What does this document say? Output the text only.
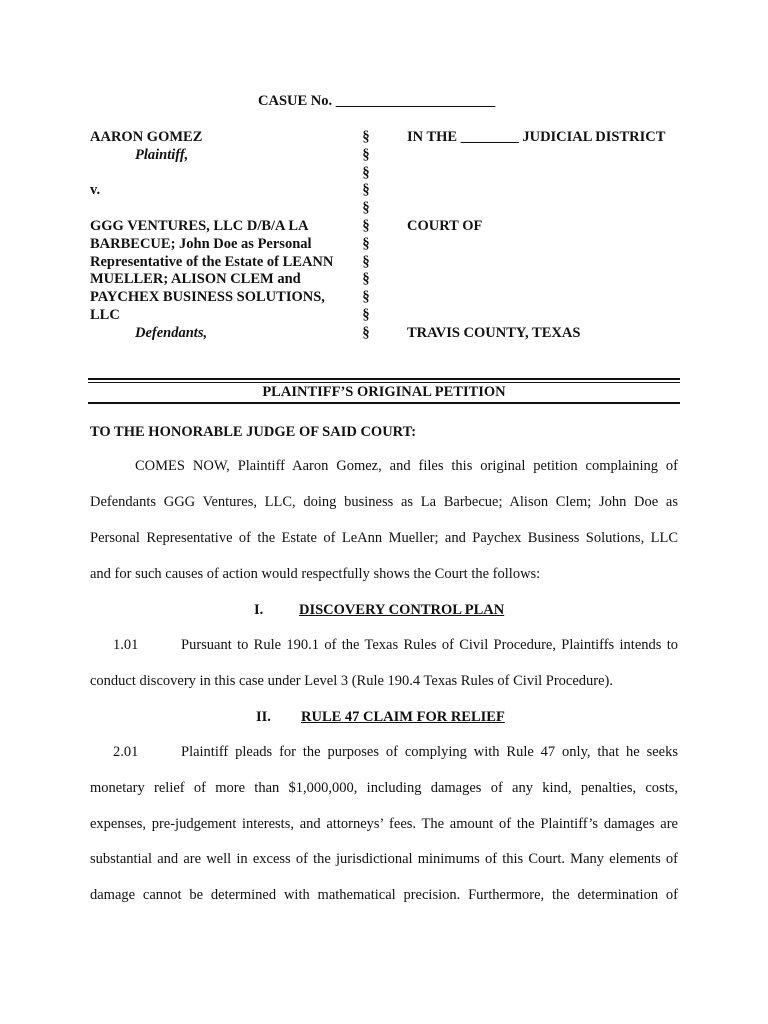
CASUE No. ______________________
AARON GOMEZ
Plaintiff,
v.
GGG VENTURES, LLC D/B/A LA
BARBECUE; John Doe as Personal
Representative of the Estate of LEANN
MUELLER; ALISON CLEM and
PAYCHEX BUSINESS SOLUTIONS,
LLC
Defendants,
§
§
§
§
§
§
§
§
§
§
§
§
IN THE ________ JUDICIAL DISTRICT
COURT OF
TRAVIS COUNTY, TEXAS
PLAINTIFF’S ORIGINAL PETITION
TO THE HONORABLE JUDGE OF SAID COURT:
COMES NOW, Plaintiff Aaron Gomez, and files this original petition complaining of
Defendants GGG Ventures, LLC, doing business as La Barbecue; Alison Clem; John Doe as
Personal Representative of the Estate of LeAnn Mueller; and Paychex Business Solutions, LLC
and for such causes of action would respectfully shows the Court the follows:
I. DISCOVERY CONTROL PLAN
1.01	Pursuant to Rule 190.1 of the Texas Rules of Civil Procedure, Plaintiffs intends to
conduct discovery in this case under Level 3 (Rule 190.4 Texas Rules of Civil Procedure).
II. RULE 47 CLAIM FOR RELIEF
2.01	Plaintiff pleads for the purposes of complying with Rule 47 only, that he seeks
monetary relief of more than $1,000,000, including damages of any kind, penalties, costs,
expenses, pre-judgement interests, and attorneys’ fees. The amount of the Plaintiff’s damages are
substantial and are well in excess of the jurisdictional minimums of this Court. Many elements of
damage cannot be determined with mathematical precision. Furthermore, the determination of
